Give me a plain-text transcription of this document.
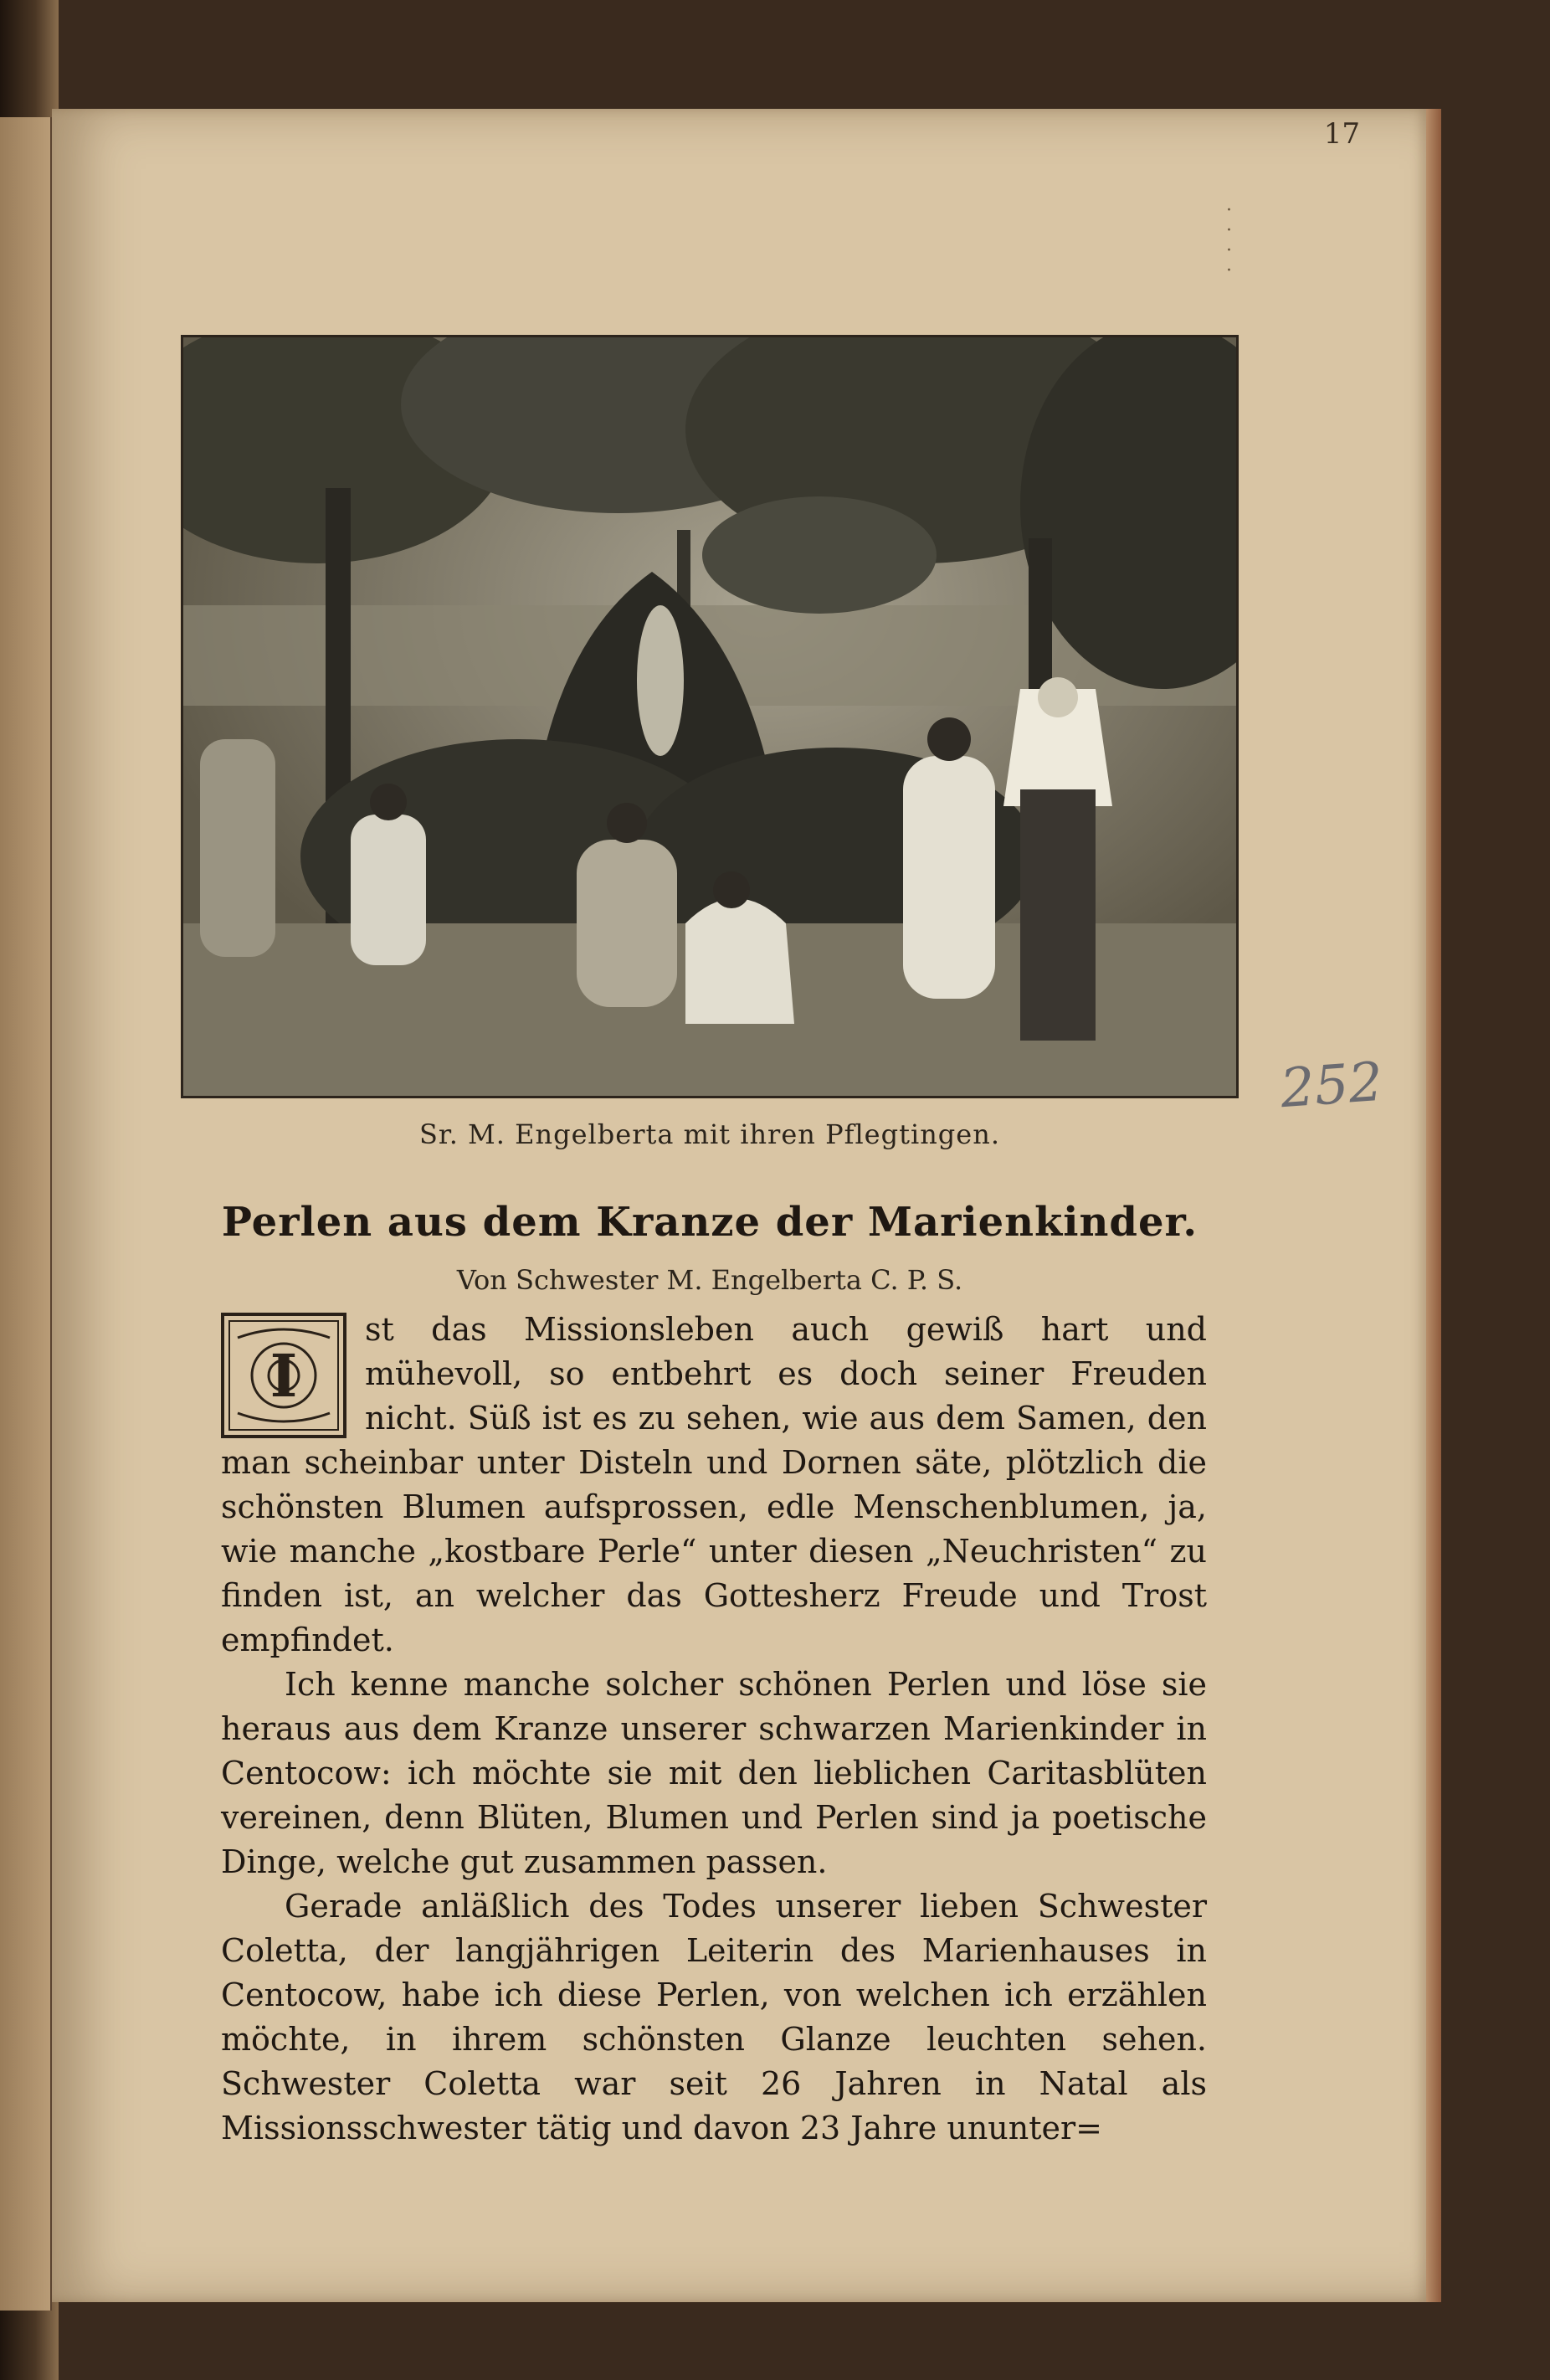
17
· · · ·
Sr. M. Engelberta mit ihren Pflegtingen.
Perlen aus dem Kranze der Marienkinder.
Von Schwester M. Engelberta C. P. S.
I

st das Missionsleben auch gewiß hart und mühevoll, so entbehrt es doch seiner Freuden nicht. Süß ist es zu sehen, wie aus dem Samen, den man scheinbar unter Disteln und Dornen säte, plötzlich die schönsten Blumen aufsprossen, edle Menschenblumen, ja, wie manche „kostbare Perle“ unter diesen „Neuchristen“ zu finden ist, an welcher das Gottesherz Freude und Trost empfindet.

Ich kenne manche solcher schönen Perlen und löse sie heraus aus dem Kranze unserer schwarzen Marienkinder in Centocow: ich möchte sie mit den lieblichen Caritasblüten vereinen, denn Blüten, Blumen und Perlen sind ja poetische Dinge, welche gut zusammen passen.

Gerade anläßlich des Todes unserer lieben Schwester Coletta, der langjährigen Leiterin des Marienhauses in Centocow, habe ich diese Perlen, von welchen ich erzählen möchte, in ihrem schönsten Glanze leuchten sehen. Schwester Coletta war seit 26 Jahren in Natal als Missionsschwester tätig und davon 23 Jahre ununter=

252
